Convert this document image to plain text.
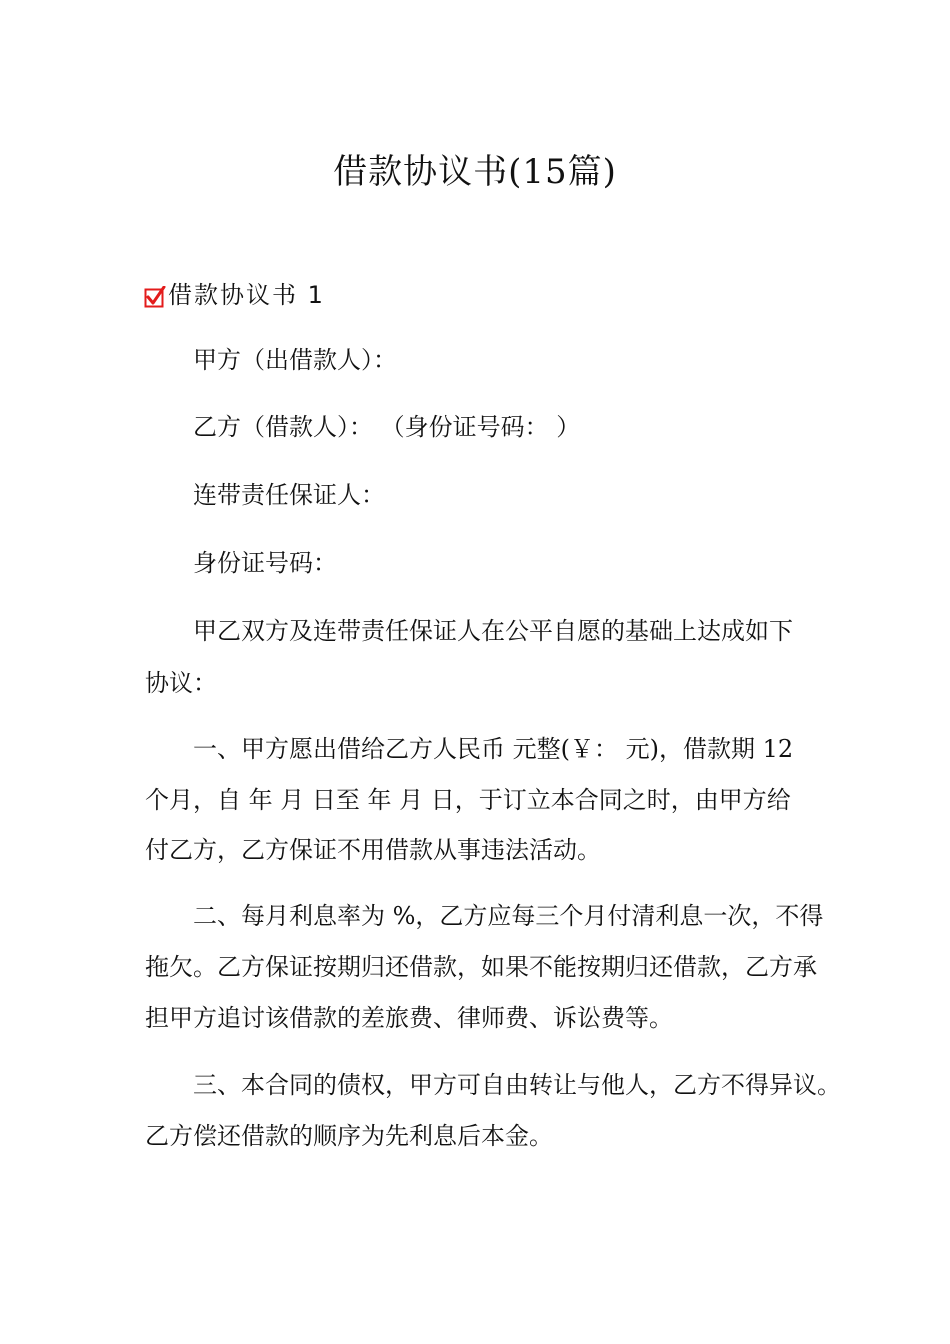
借款协议书(15篇)
借款协议书 1
甲方（出借款人）：
乙方（借款人）： （身份证号码： ）
连带责任保证人：
身份证号码：
甲乙双方及连带责任保证人在公平自愿的基础上达成如下
协议：
一、甲方愿出借给乙方人民币 元整(￥： 元)，借款期 12
个月，自 年 月 日至 年 月 日，于订立本合同之时，由甲方给
付乙方，乙方保证不用借款从事违法活动。
二、每月利息率为 %，乙方应每三个月付清利息一次，不得
拖欠。乙方保证按期归还借款，如果不能按期归还借款，乙方承
担甲方追讨该借款的差旅费、律师费、诉讼费等。
三、本合同的债权，甲方可自由转让与他人，乙方不得异议。
乙方偿还借款的顺序为先利息后本金。
